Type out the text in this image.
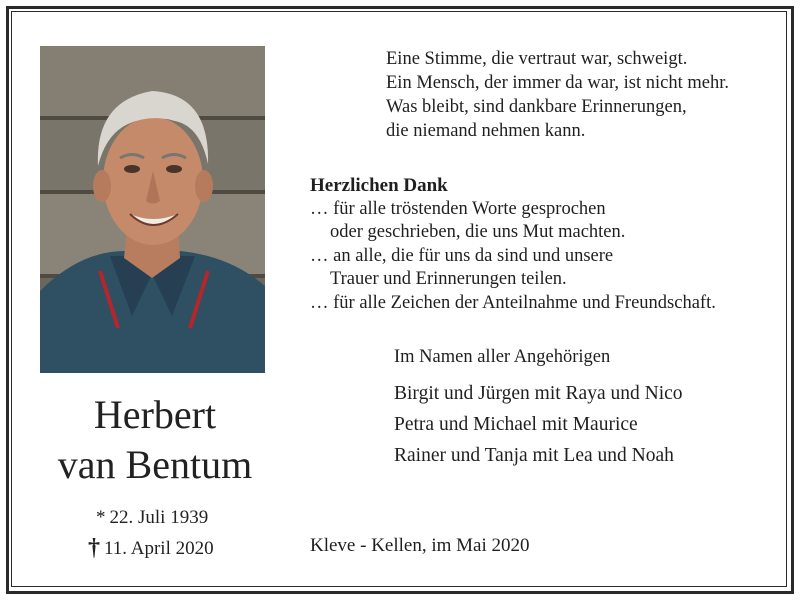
Herbert
van Bentum
* 22. Juli 1939
† 11. April 2020
Eine Stimme, die vertraut war, schweigt.
Ein Mensch, der immer da war, ist nicht mehr.
Was bleibt, sind dankbare Erinnerungen,
die niemand nehmen kann.
Herzlichen Dank
… für alle tröstenden Worte gesprochen
oder geschrieben, die uns Mut machten.
… an alle, die für uns da sind und unsere
Trauer und Erinnerungen teilen.
… für alle Zeichen der Anteilnahme und Freundschaft.
Im Namen aller Angehörigen
Birgit und Jürgen mit Raya und Nico
Petra und Michael mit Maurice
Rainer und Tanja mit Lea und Noah
Kleve - Kellen, im Mai 2020
